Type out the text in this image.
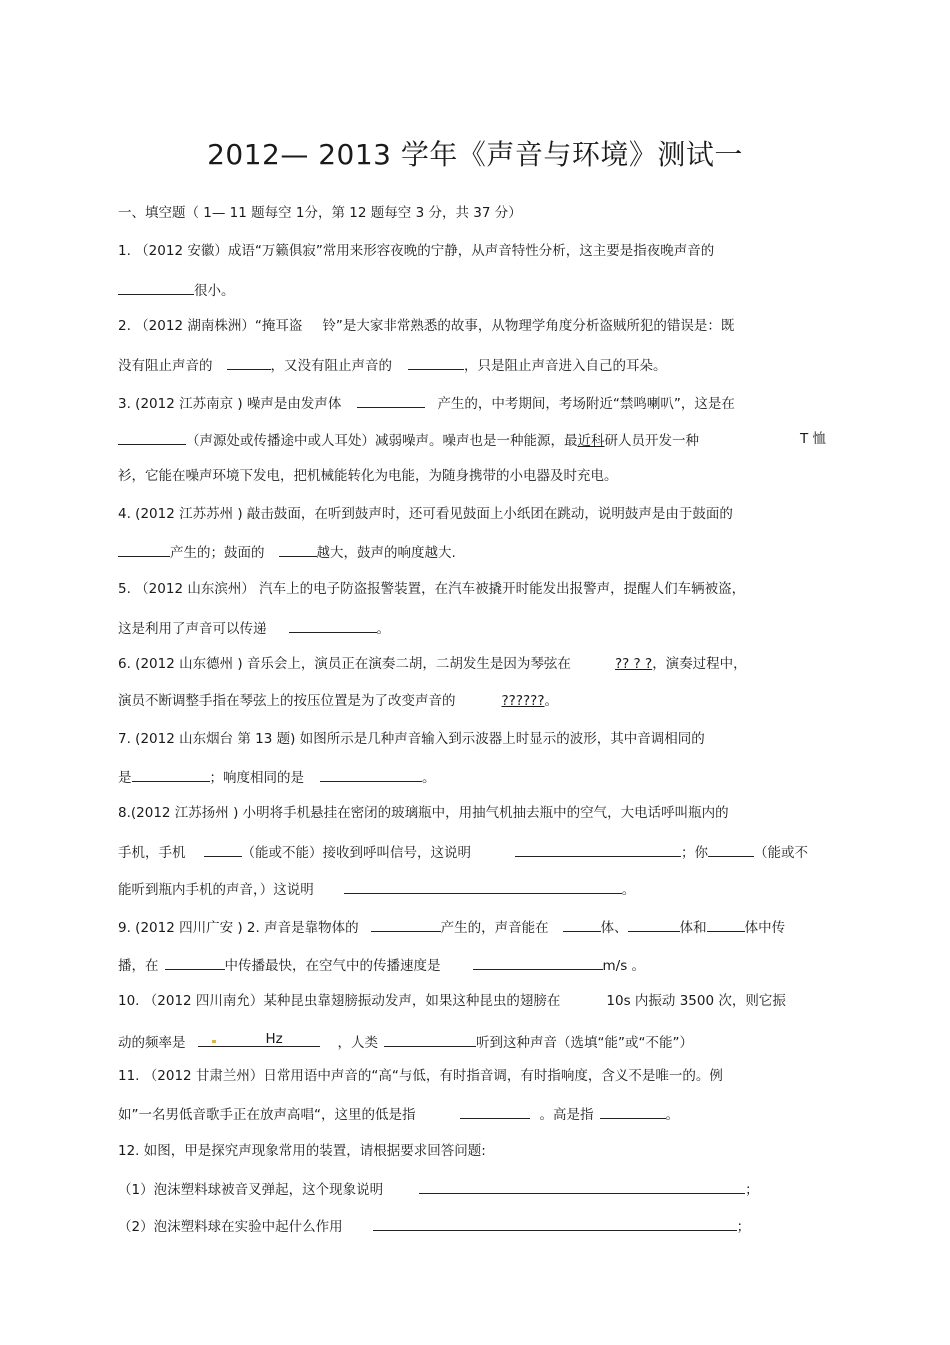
2012— 2013 学年《声音与环境》测试一
一、填空题（ 1— 11 题每空 1分，第 12 题每空 3 分，共 37 分）
1. （2012 安徽）成语“万籁俱寂”常用来形容夜晚的宁静，从声音特性分析，这主要是指夜晚声音的
很小。
2. （2012 湖南株洲）“掩耳盗 铃”是大家非常熟悉的故事，从物理学角度分析盗贼所犯的错误是：既
没有阻止声音的	，又没有阻止声音的	，只是阻止声音进入自己的耳朵。
3. (2012 江苏南京 ) 噪声是由发声体	产生的，中考期间，考场附近“禁鸣喇叭”，这是在
（声源处或传播途中或人耳处）减弱噪声。噪声也是一种能源，最近科研人员开发一种	T 恤
衫，它能在噪声环境下发电，把机械能转化为电能，为随身携带的小电器及时充电。
4. (2012 江苏苏州 ) 敲击鼓面，在听到鼓声时，还可看见鼓面上小纸团在跳动，说明鼓声是由于鼓面的
产生的；鼓面的	越大，鼓声的响度越大.
5. （2012 山东滨州） 汽车上的电子防盗报警装置，在汽车被撬开时能发出报警声，提醒人们车辆被盗，
这是利用了声音可以传递	。
6. (2012 山东德州 ) 音乐会上，演员正在演奏二胡，二胡发生是因为琴弦在	?? ? ?，演奏过程中，
演员不断调整手指在琴弦上的按压位置是为了改变声音的	??????。
7. (2012 山东烟台 第 13 题) 如图所示是几种声音输入到示波器上时显示的波形，其中音调相同的
是	；响度相同的是	。
8.(2012 江苏扬州 ) 小明将手机悬挂在密闭的玻璃瓶中，用抽气机抽去瓶中的空气，大电话呼叫瓶内的
手机，手机	（能或不能）接收到呼叫信号，这说明	；你	（能或不
能听到瓶内手机的声音，）这说明	。
9. (2012 四川广安 ) 2. 声音是靠物体的	产生的，声音能在	体、	体和	体中传
播，在	中传播最快，在空气中的传播速度是	m/s 。
10. （2012 四川南允）某种昆虫靠翅膀振动发声，如果这种昆虫的翅膀在	10s 内振动 3500 次，则它振
动的频率是	Hz	，人类	听到这种声音（选填“能”或“不能”）
11. （2012 甘肃兰州）日常用语中声音的“高“与低，有时指音调，有时指响度，含义不是唯一的。例
如”一名男低音歌手正在放声高唱“，这里的低是指	。高是指	。
12. 如图，甲是探究声现象常用的装置，请根据要求回答问题:
（1）泡沫塑料球被音叉弹起，这个现象说明	；
（2）泡沫塑料球在实验中起什么作用	；
